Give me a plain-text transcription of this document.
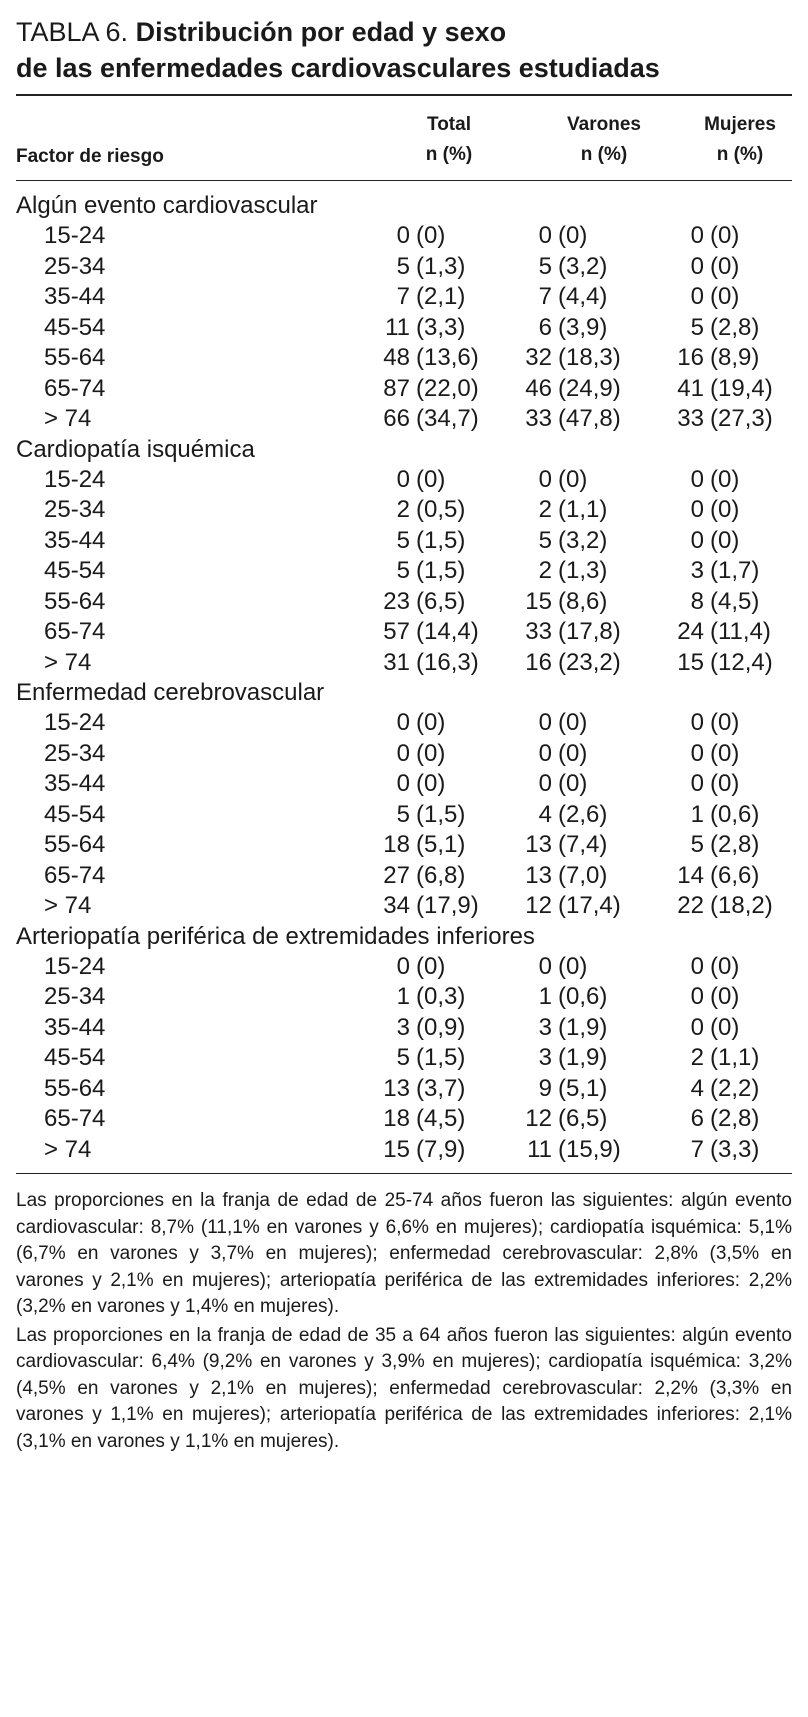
TABLA 6. Distribución por edad y sexo
de las enfermedades cardiovasculares estudiadas
Factor de riesgo
Total
n (%)
Varones
n (%)
Mujeres
n (%)
Algún evento cardiovascular
15-24	0 (0)	0 (0)	0 (0)
25-34	5 (1,3)	5 (3,2)	0 (0)
35-44	7 (2,1)	7 (4,4)	0 (0)
45-54	11 (3,3)	6 (3,9)	5 (2,8)
55-64	48 (13,6) 32 (18,3) 16 (8,9)
65-74	87 (22,0) 46 (24,9) 41 (19,4)
> 74	66 (34,7) 33 (47,8) 33 (27,3)
Cardiopatía isquémica
15-24	0 (0)	0 (0)	0 (0)
25-34	2 (0,5)	2 (1,1)	0 (0)
35-44	5 (1,5)	5 (3,2)	0 (0)
45-54	5 (1,5)	2 (1,3)	3 (1,7)
55-64	23 (6,5) 15 (8,6)	8 (4,5)
65-74	57 (14,4) 33 (17,8) 24 (11,4)
> 74	31 (16,3) 16 (23,2) 15 (12,4)
Enfermedad cerebrovascular
15-24	0 (0)	0 (0)	0 (0)
25-34	0 (0)	0 (0)	0 (0)
35-44	0 (0)	0 (0)	0 (0)
45-54	5 (1,5)	4 (2,6)	1 (0,6)
55-64	18 (5,1) 13 (7,4)	5 (2,8)
65-74	27 (6,8) 13 (7,0)	14 (6,6)
> 74	34 (17,9) 12 (17,4) 22 (18,2)
Arteriopatía periférica de extremidades inferiores
15-24	0 (0)	0 (0)	0 (0)
25-34	1 (0,3)	1 (0,6)	0 (0)
35-44	3 (0,9)	3 (1,9)	0 (0)
45-54	5 (1,5)	3 (1,9)	2 (1,1)
55-64	13 (3,7)	9 (5,1)	4 (2,2)
65-74	18 (4,5) 12 (6,5)	6 (2,8)
> 74	15 (7,9)	11 (15,9)	7 (3,3)

Las proporciones en la franja de edad de 25-74 años fueron las siguientes: algún evento cardiovascular: 8,7% (11,1% en varones y 6,6% en mujeres); cardiopatía isquémica: 5,1% (6,7% en varones y 3,7% en mujeres); enfermedad cerebrovascular: 2,8% (3,5% en varones y 2,1% en mujeres); arteriopatía periférica de las extremidades inferiores: 2,2% (3,2% en varones y 1,4% en mujeres).

Las proporciones en la franja de edad de 35 a 64 años fueron las siguientes: algún evento cardiovascular: 6,4% (9,2% en varones y 3,9% en mujeres); cardiopatía isquémica: 3,2% (4,5% en varones y 2,1% en mujeres); enfermedad cerebrovascular: 2,2% (3,3% en varones y 1,1% en mujeres); arteriopatía periférica de las extremidades inferiores: 2,1% (3,1% en varones y 1,1% en mujeres).
